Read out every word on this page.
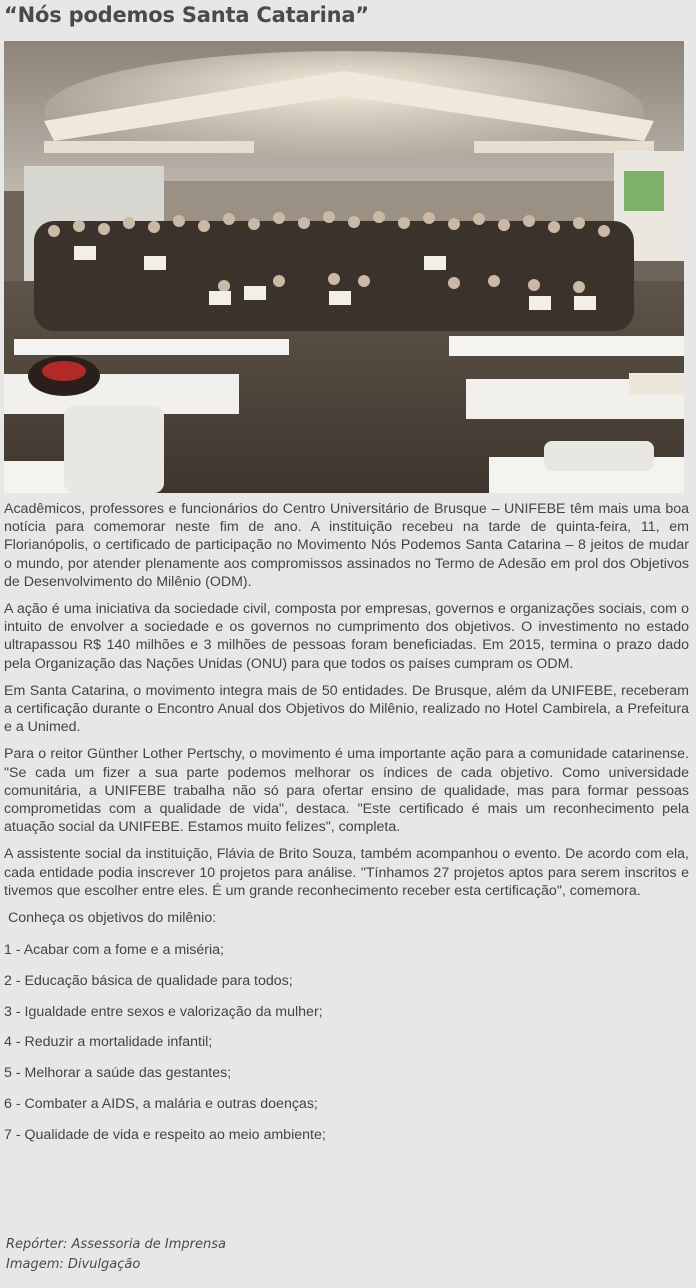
“Nós podemos Santa Catarina”

Acadêmicos, professores e funcionários do Centro Universitário de Brusque – UNIFEBE têm mais uma boa notícia para comemorar neste fim de ano. A instituição recebeu na tarde de quinta-feira, 11, em Florianópolis, o certificado de participação no Movimento Nós Podemos Santa Catarina – 8 jeitos de mudar o mundo, por atender plenamente aos compromissos assinados no Termo de Adesão em prol dos Objetivos de Desenvolvimento do Milênio (ODM).

A ação é uma iniciativa da sociedade civil, composta por empresas, governos e organizações sociais, com o intuito de envolver a sociedade e os governos no cumprimento dos objetivos. O investimento no estado ultrapassou R$ 140 milhões e 3 milhões de pessoas foram beneficiadas. Em 2015, termina o prazo dado pela Organização das Nações Unidas (ONU) para que todos os países cumpram os ODM.

Em Santa Catarina, o movimento integra mais de 50 entidades. De Brusque, além da UNIFEBE, receberam a certificação durante o Encontro Anual dos Objetivos do Milênio, realizado no Hotel Cambirela, a Prefeitura e a Unimed.

Para o reitor Günther Lother Pertschy, o movimento é uma importante ação para a comunidade catarinense. "Se cada um fizer a sua parte podemos melhorar os índices de cada objetivo. Como universidade comunitária, a UNIFEBE trabalha não só para ofertar ensino de qualidade, mas para formar pessoas comprometidas com a qualidade de vida", destaca. "Este certificado é mais um reconhecimento pela atuação social da UNIFEBE. Estamos muito felizes", completa.

A assistente social da instituição, Flávia de Brito Souza, também acompanhou o evento. De acordo com ela, cada entidade podia inscrever 10 projetos para análise. "Tínhamos 27 projetos aptos para serem inscritos e tivemos que escolher entre eles. É um grande reconhecimento receber esta certificação", comemora.

Conheça os objetivos do milênio:

1 - Acabar com a fome e a miséria;
2 - Educação básica de qualidade para todos;
3 - Igualdade entre sexos e valorização da mulher;
4 - Reduzir a mortalidade infantil;
5 - Melhorar a saúde das gestantes;
6 - Combater a AIDS, a malária e outras doenças;
7 - Qualidade de vida e respeito ao meio ambiente;
Repórter: Assessoria de Imprensa
Imagem: Divulgação
